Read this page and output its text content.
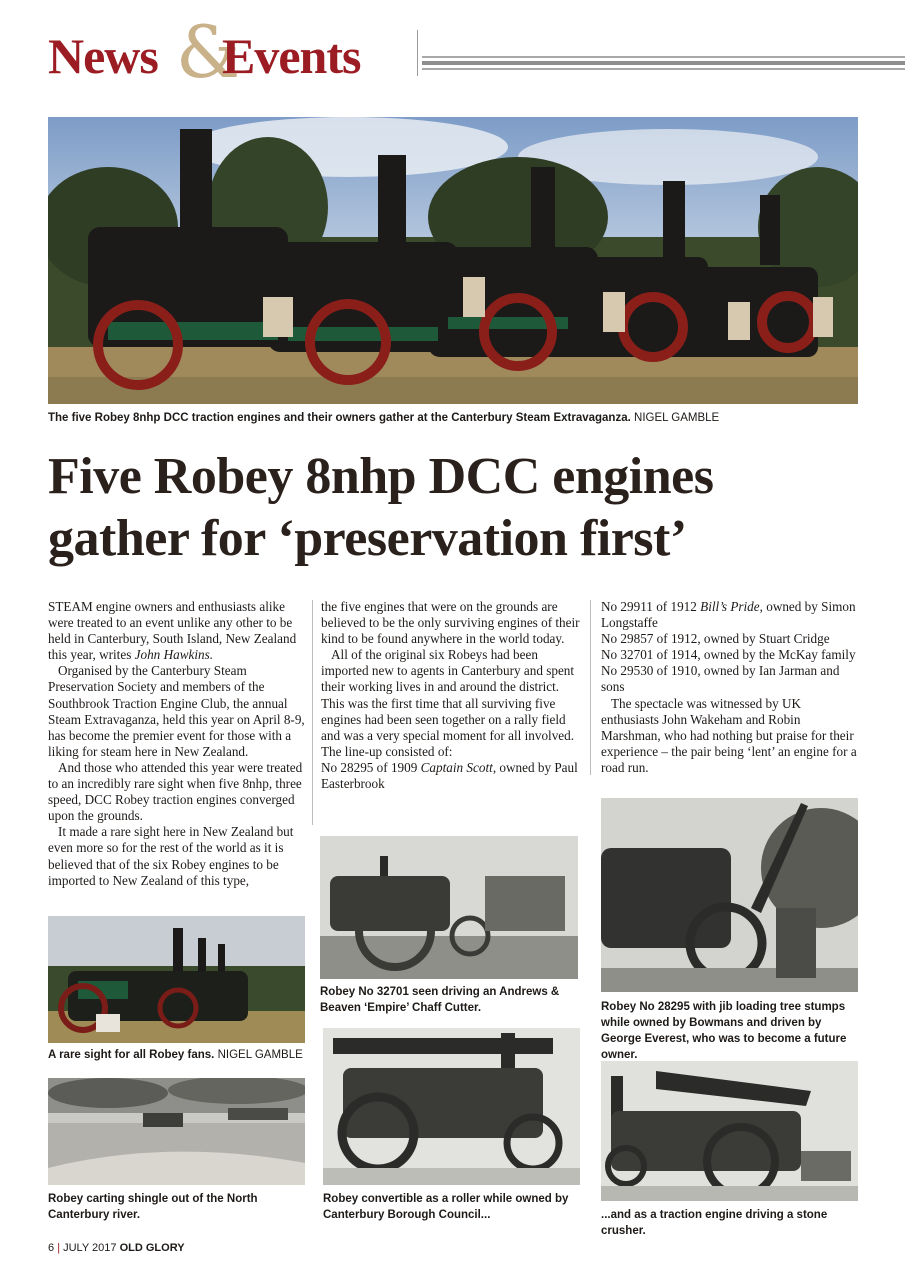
News &
Events
The five Robey 8nhp DCC traction engines and their owners gather at the Canterbury Steam Extravaganza. NIGEL GAMBLE
Five Robey 8nhp DCC engines
gather for ‘preservation first’

STEAM engine owners and enthusiasts alike were treated to an event unlike any other to be held in Canterbury, South Island, New Zealand this year, writes John Hawkins.

Organised by the Canterbury Steam Preservation Society and members of the Southbrook Traction Engine Club, the annual Steam Extravaganza, held this year on April 8-9, has become the premier event for those with a liking for steam here in New Zealand.

And those who attended this year were treated to an incredibly rare sight when five 8nhp, three speed, DCC Robey traction engines converged upon the grounds.

It made a rare sight here in New Zealand but even more so for the rest of the world as it is believed that of the six Robey engines to be imported to New Zealand of this type,

the five engines that were on the grounds are believed to be the only surviving engines of their kind to be found anywhere in the world today.

All of the original six Robeys had been imported new to agents in Canterbury and spent their working lives in and around the district. This was the first time that all surviving five engines had been seen together on a rally field and was a very special moment for all involved.

The line-up consisted of:

No 28295 of 1909 Captain Scott, owned by Paul Easterbrook

No 29911 of 1912 Bill’s Pride, owned by Simon Longstaffe

No 29857 of 1912, owned by Stuart Cridge

No 32701 of 1914, owned by the McKay family

No 29530 of 1910, owned by Ian Jarman and sons

The spectacle was witnessed by UK enthusiasts John Wakeham and Robin Marshman, who had nothing but praise for their experience – the pair being ‘lent’ an engine for a road run.

A rare sight for all Robey fans. NIGEL GAMBLE
Robey carting shingle out of the North Canterbury river.
Robey No 32701 seen driving an Andrews & Beaven ‘Empire’ Chaff Cutter.
Robey convertible as a roller while owned by Canterbury Borough Council...
Robey No 28295 with jib loading tree stumps while owned by Bowmans and driven by George Everest, who was to become a future owner.
...and as a traction engine driving a stone crusher.
6 | JULY 2017 OLD GLORY
